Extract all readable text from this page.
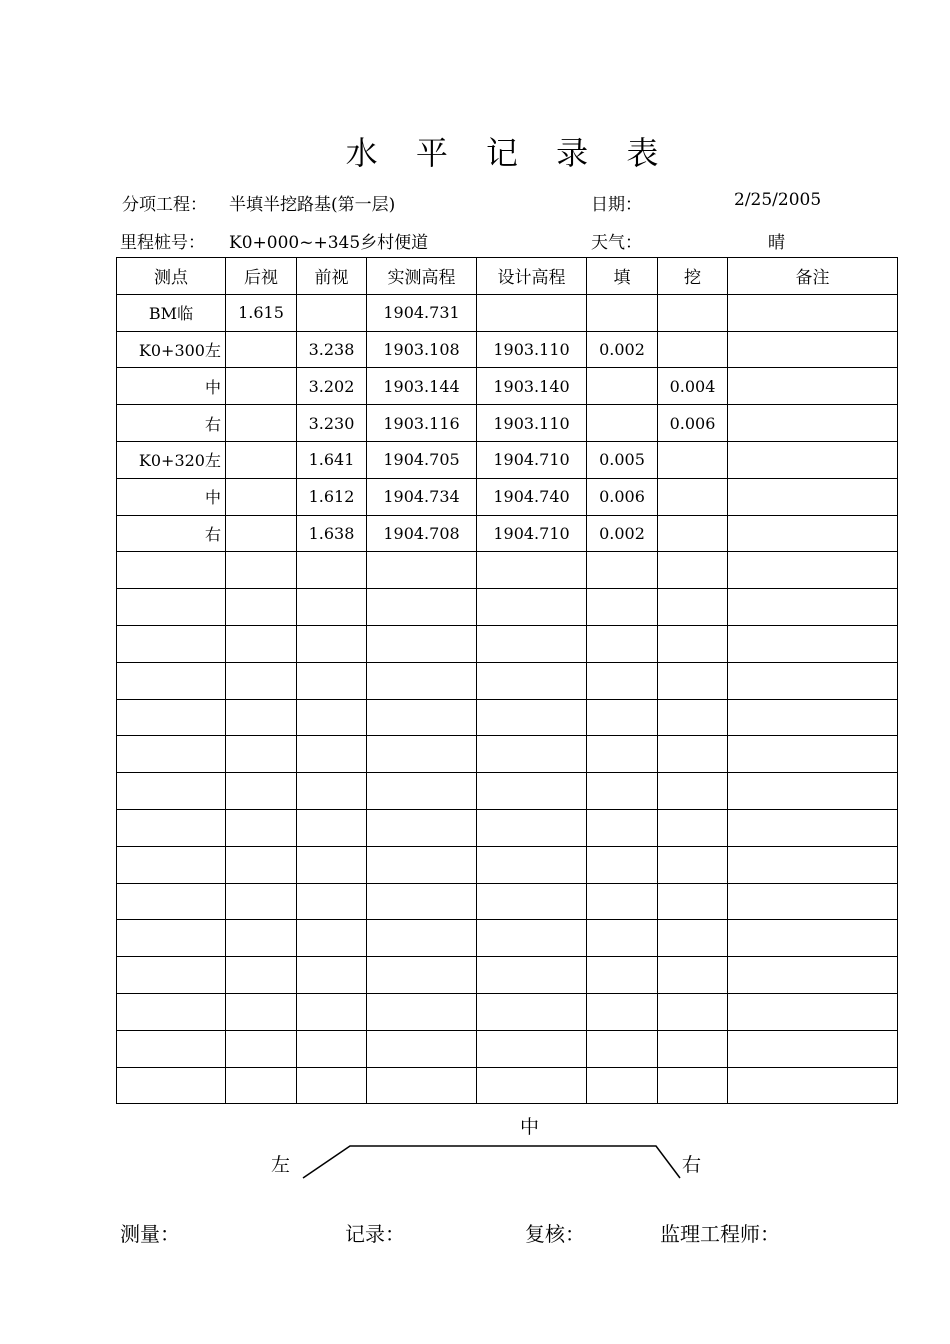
水 平 记 录 表
分项工程： 半填半挖路基(第一层)	日期：	2/25/2005
里程桩号： K0+000~+345乡村便道	天气：	晴
测点	后视	前视	实测高程	设计高程	填	挖	备注
BM临	1.615		1904.731				
K0+300左		3.238	1903.108	1903.110	0.002		
中		3.202	1903.144	1903.140		0.004	
右		3.230	1903.116	1903.110		0.006	
K0+320左		1.641	1904.705	1904.710	0.005		
中		1.612	1904.734	1904.740	0.006		
右		1.638	1904.708	1904.710	0.002		

中
左	右
测量：	记录：	复核：	监理工程师：
